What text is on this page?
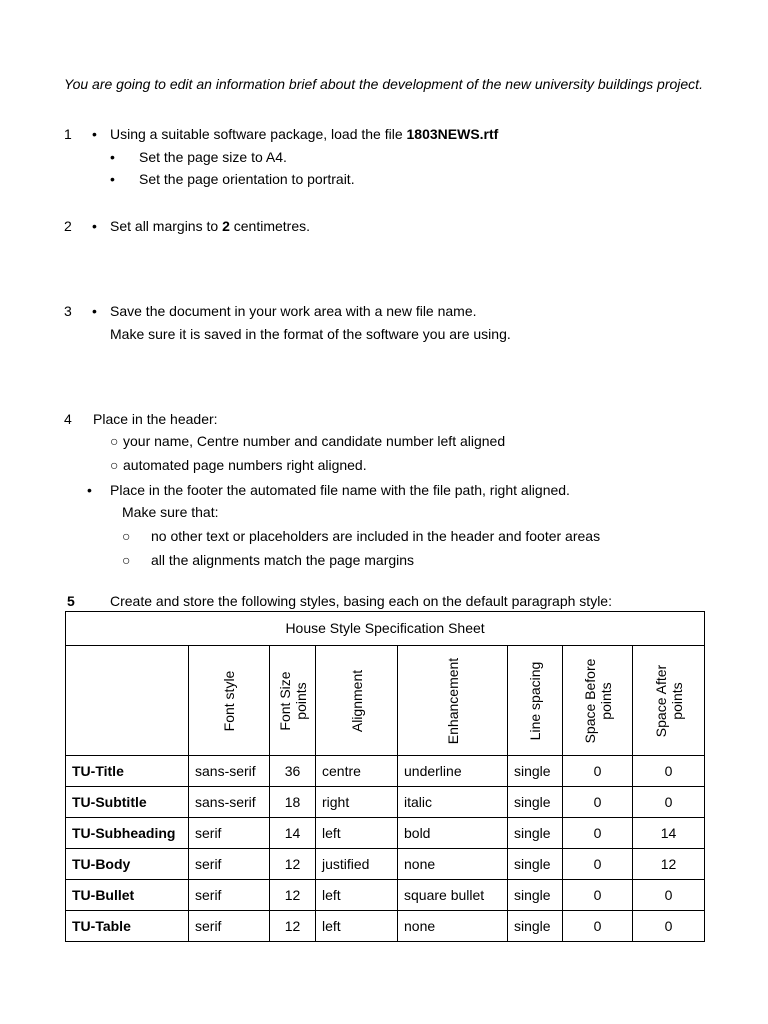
You are going to edit an information brief about the development of the new university buildings project.
1 • Using a suitable software package, load the file 1803NEWS.rtf
• Set the page size to A4.
• Set the page orientation to portrait.
2 • Set all margins to 2 centimetres.
3 • Save the document in your work area with a new file name.
Make sure it is saved in the format of the software you are using.
4 Place in the header:
○ your name, Centre number and candidate number left aligned
○ automated page numbers right aligned.
• Place in the footer the automated file name with the file path, right aligned.
Make sure that:
○ no other text or placeholders are included in the header and footer areas
○ all the alignments match the page margins
5	Create and store the following styles, basing each on the default paragraph style:
House Style Specification Sheet							

	Font style	Font Size points	Alignment	Enhancement	Line spacing	Space Before points	Space After points

TU-Title	sans-serif	36	centre	underline	single	0	0
TU-Subtitle	sans-serif	18	right	italic	single	0	0
TU-Subheading	serif	14	left	bold	single	0	14
TU-Body	serif	12	justified	none	single	0	12
TU-Bullet	serif	12	left	square bullet	single	0	0
TU-Table	serif	12	left	none	single	0	0
